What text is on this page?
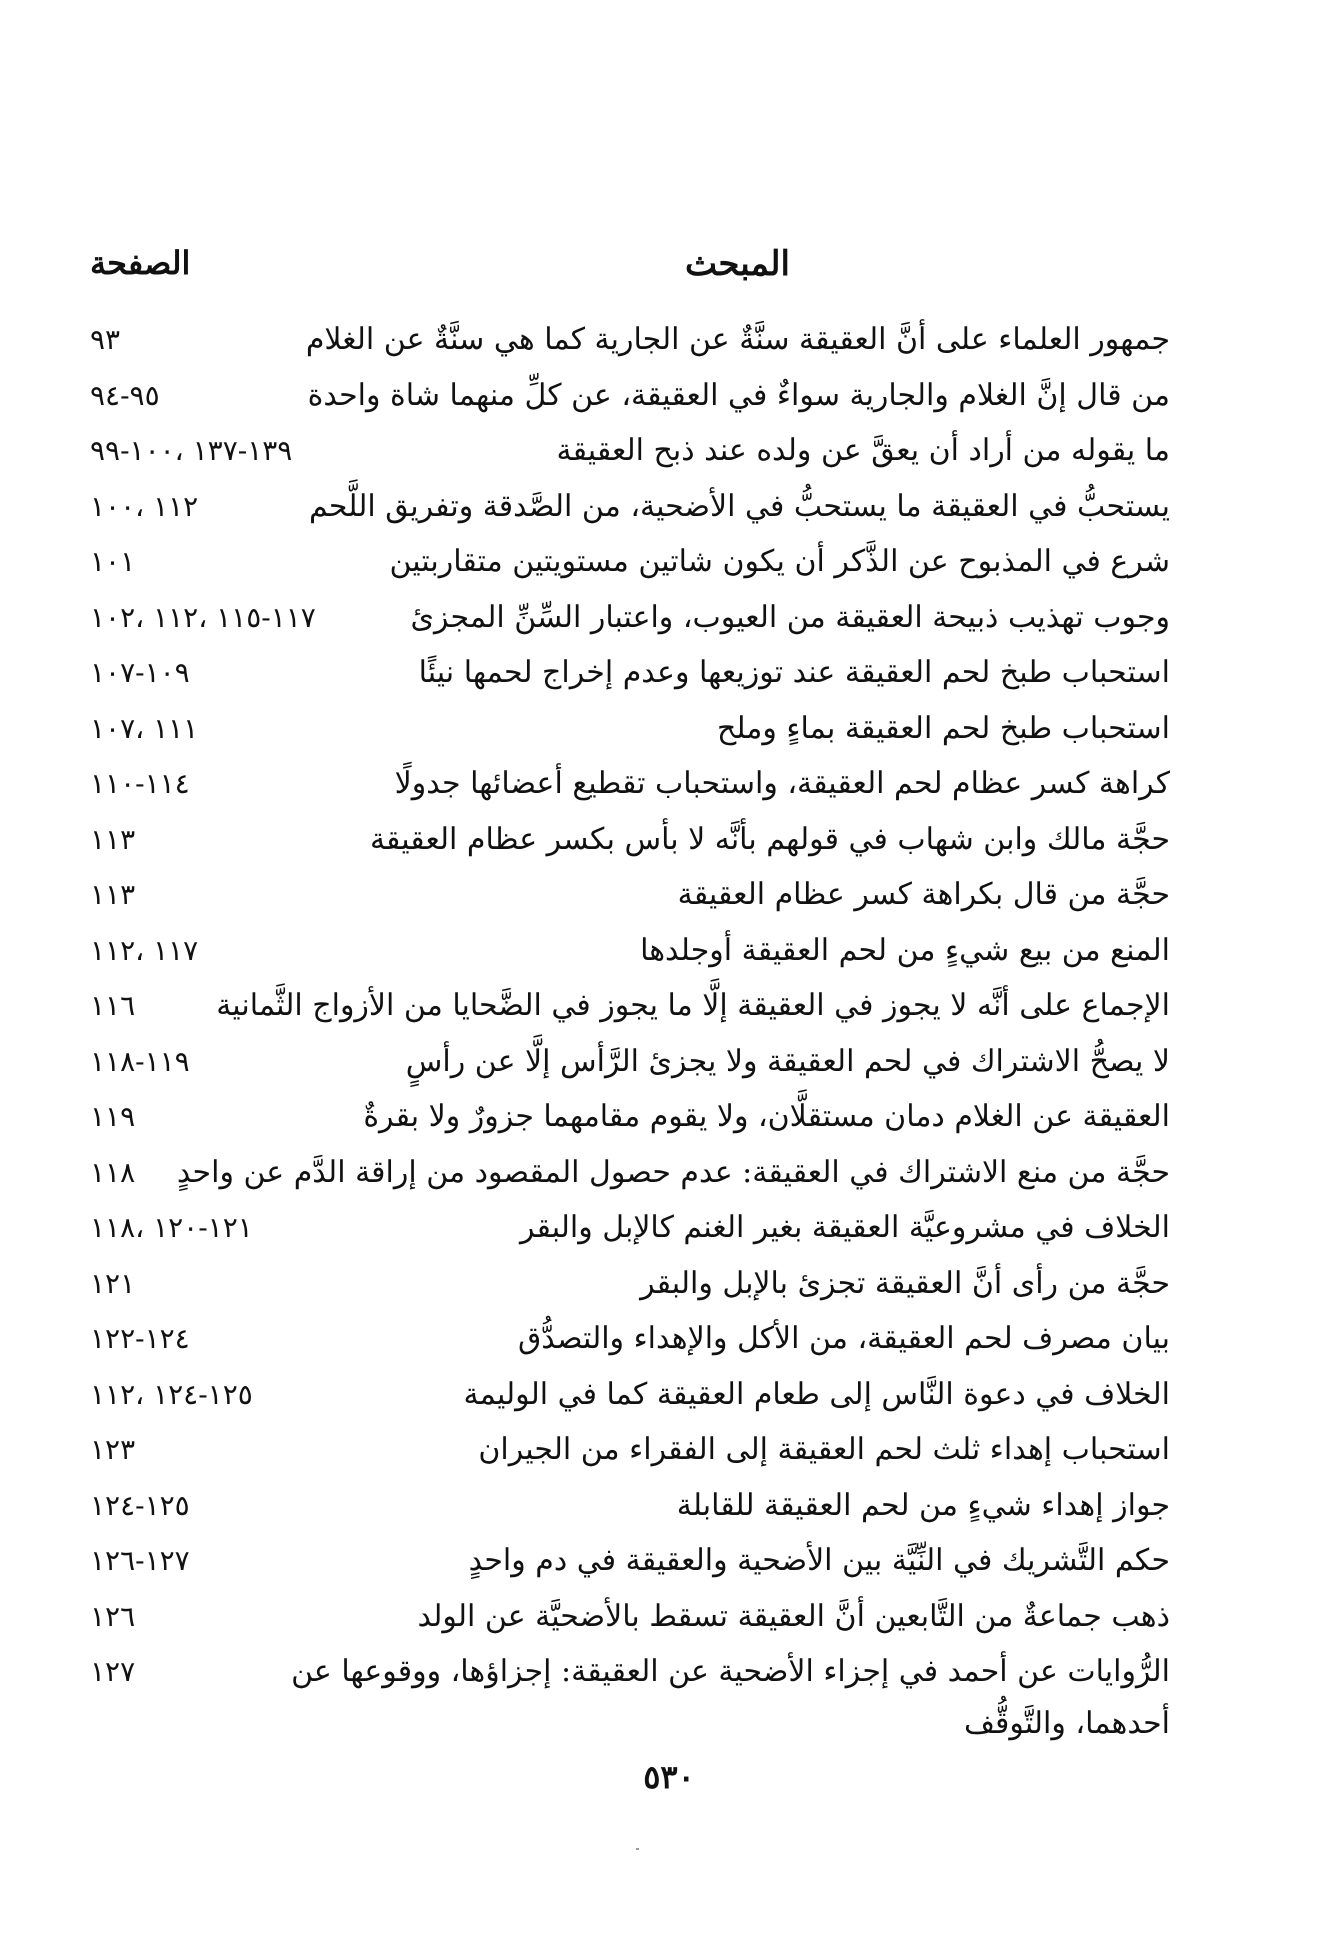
المبحث
الصفحة
جمهور العلماء على أنَّ العقيقة سنَّةٌ عن الجارية كما هي سنَّةٌ عن الغلام
٩٣
من قال إنَّ الغلام والجارية سواءٌ في العقيقة، عن كلِّ منهما شاة واحدة
٩٥-٩٤
ما يقوله من أراد أن يعقَّ عن ولده عند ذبح العقيقة
١٣٩-١٣٧ ،١٠٠-٩٩
يستحبُّ في العقيقة ما يستحبُّ في الأضحية، من الصَّدقة وتفريق اللَّحم
١١٢ ،١٠٠
شرع في المذبوح عن الذَّكر أن يكون شاتين مستويتين متقاربتين
١٠١
وجوب تهذيب ذبيحة العقيقة من العيوب، واعتبار السِّنِّ المجزئ
١١٧-١١٥ ،١١٢ ،١٠٢
استحباب طبخ لحم العقيقة عند توزيعها وعدم إخراج لحمها نيئًا
١٠٩-١٠٧
استحباب طبخ لحم العقيقة بماءٍ وملح
١١١ ،١٠٧
كراهة كسر عظام لحم العقيقة، واستحباب تقطيع أعضائها جدولًا
١١٤-١١٠
حجَّة مالك وابن شهاب في قولهم بأنَّه لا بأس بكسر عظام العقيقة
١١٣
حجَّة من قال بكراهة كسر عظام العقيقة
١١٣
المنع من بيع شيءٍ من لحم العقيقة أوجلدها
١١٧ ،١١٢
الإجماع على أنَّه لا يجوز في العقيقة إلَّا ما يجوز في الضَّحايا من الأزواج الثَّمانية
١١٦
لا يصحُّ الاشتراك في لحم العقيقة ولا يجزئ الرَّأس إلَّا عن رأسٍ
١١٩-١١٨
العقيقة عن الغلام دمان مستقلَّان، ولا يقوم مقامهما جزورٌ ولا بقرةٌ
١١٩
حجَّة من منع الاشتراك في العقيقة: عدم حصول المقصود من إراقة الدَّم عن واحدٍ
١١٨
الخلاف في مشروعيَّة العقيقة بغير الغنم كالإبل والبقر
١٢١-١٢٠ ،١١٨
حجَّة من رأى أنَّ العقيقة تجزئ بالإبل والبقر
١٢١
بيان مصرف لحم العقيقة، من الأكل والإهداء والتصدُّق
١٢٤-١٢٢
الخلاف في دعوة النَّاس إلى طعام العقيقة كما في الوليمة
١٢٥-١٢٤ ،١١٢
استحباب إهداء ثلث لحم العقيقة إلى الفقراء من الجيران
١٢٣
جواز إهداء شيءٍ من لحم العقيقة للقابلة
١٢٥-١٢٤
حكم التَّشريك في النِّيَّة بين الأضحية والعقيقة في دم واحدٍ
١٢٧-١٢٦
ذهب جماعةٌ من التَّابعين أنَّ العقيقة تسقط بالأضحيَّة عن الولد
١٢٦
الرُّوايات عن أحمد في إجزاء الأضحية عن العقيقة: إجزاؤها، ووقوعها عن أحدهما، والتَّوقُّف
١٢٧
٥٣٠
